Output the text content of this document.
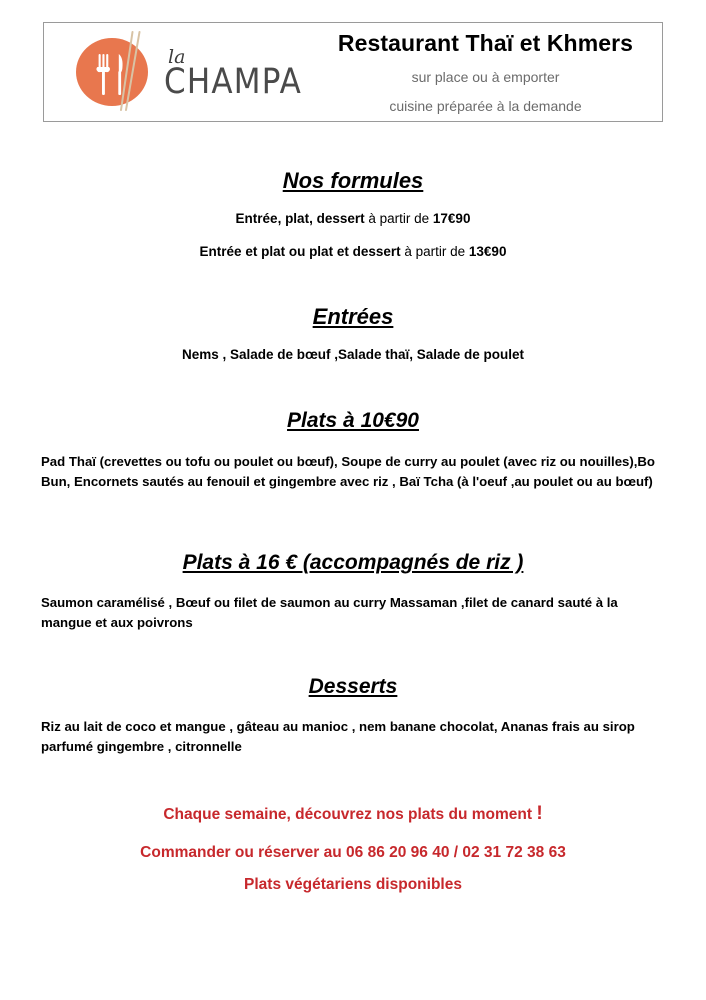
la
CHAMPA
Restaurant Thaï et Khmers
sur place ou à emporter
cuisine préparée à la demande
Nos formules
Entrée, plat, dessert à partir de 17€90
Entrée et plat ou plat et dessert à partir de 13€90
Entrées
Nems , Salade de bœuf ,Salade thaï, Salade de poulet
Plats à 10€90
Pad Thaï (crevettes ou tofu ou poulet ou bœuf), Soupe de curry au poulet (avec riz ou nouilles),Bo Bun, Encornets sautés au fenouil et gingembre avec riz , Baï Tcha (à l'oeuf ,au poulet ou au bœuf)
Plats à 16 € (accompagnés de riz )
Saumon caramélisé , Bœuf ou filet de saumon au curry Massaman ,filet de canard sauté à la mangue et aux poivrons
Desserts
Riz au lait de coco et mangue , gâteau au manioc , nem banane chocolat, Ananas frais au sirop parfumé gingembre , citronnelle
Chaque semaine, découvrez nos plats du moment !
Commander ou réserver au 06 86 20 96 40 / 02 31 72 38 63
Plats végétariens disponibles
